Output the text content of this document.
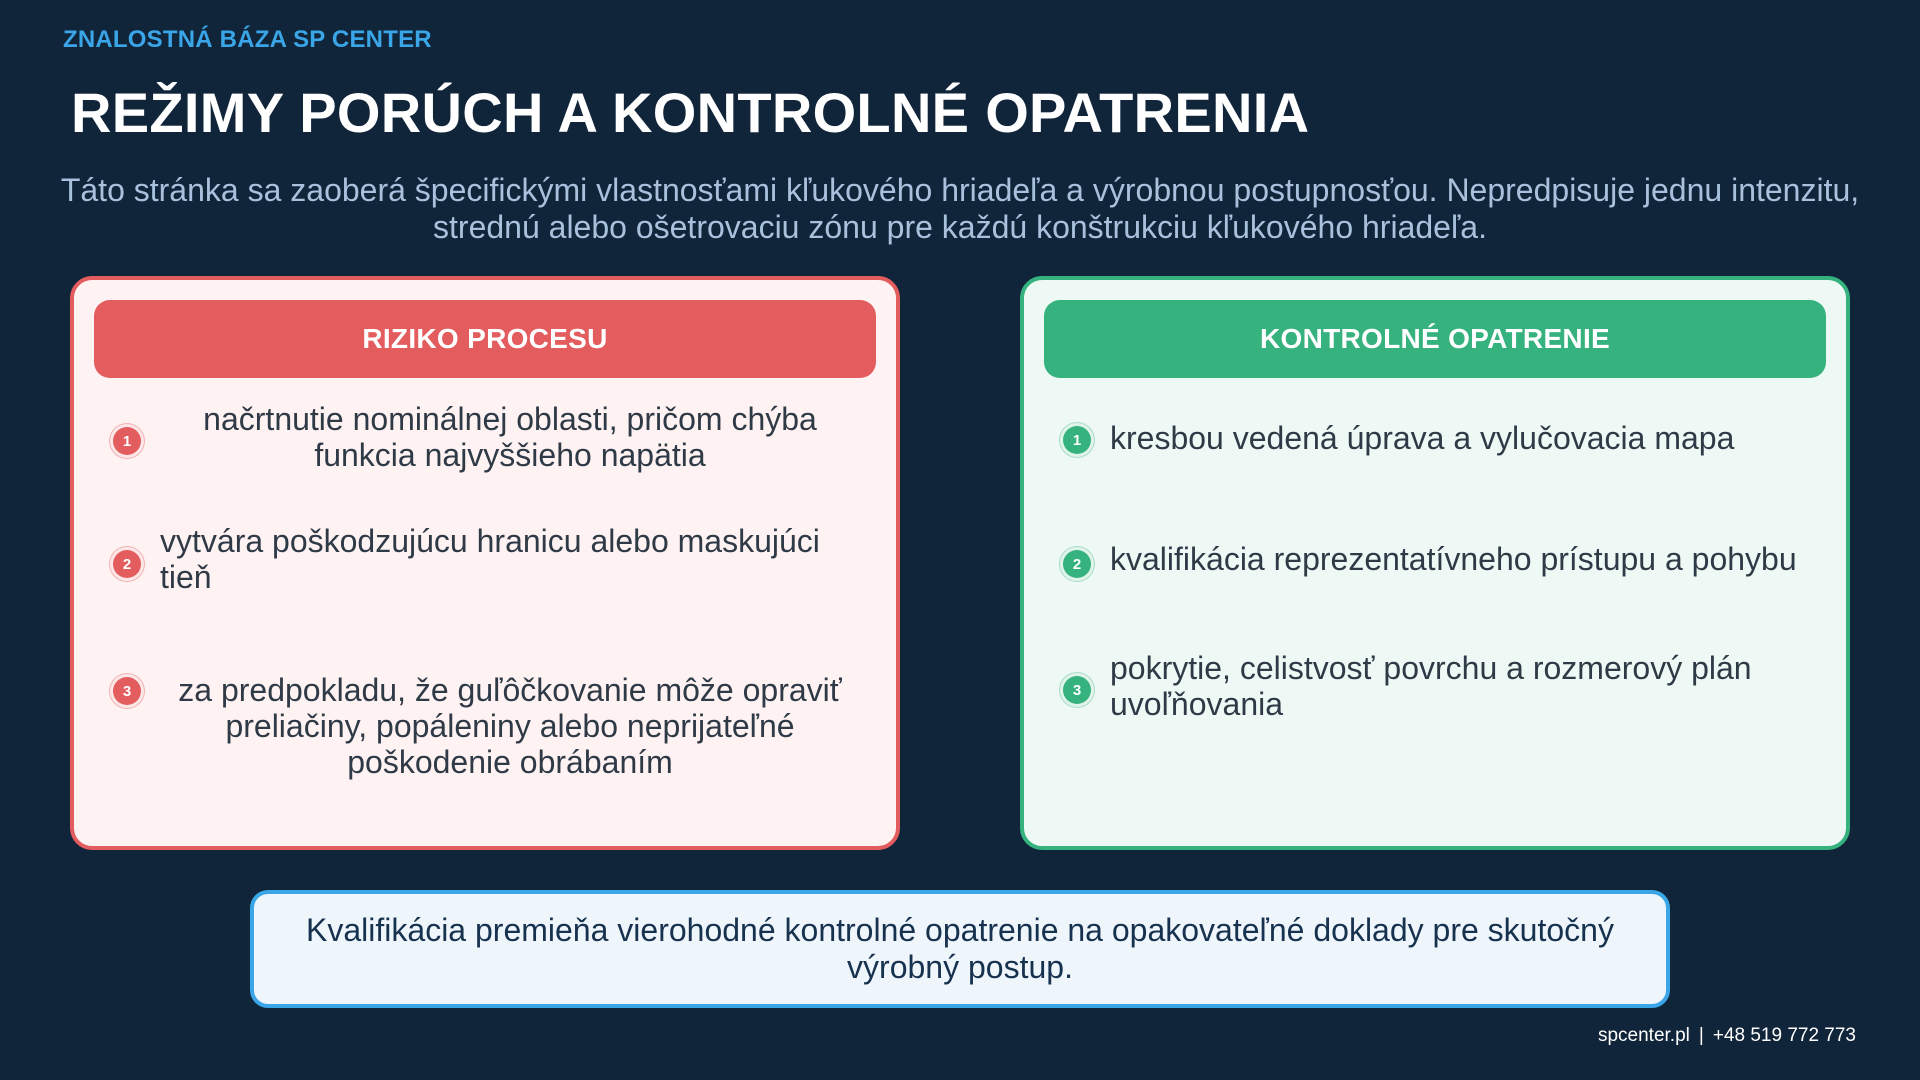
ZNALOSTNÁ BÁZA SP CENTER
REŽIMY PORÚCH A KONTROLNÉ OPATRENIA
Táto stránka sa zaoberá špecifickými vlastnosťami kľukového hriadeľa a výrobnou postupnosťou. Nepredpisuje jednu intenzitu, strednú alebo ošetrovaciu zónu pre každú konštrukciu kľukového hriadeľa.
RIZIKO PROCESU
1
načrtnutie nominálnej oblasti, pričom chýba funkcia najvyššieho napätia
2
vytvára poškodzujúcu hranicu alebo maskujúci tieň
3	za predpokladu, že guľôčkovanie môže opraviť preliačiny, popáleniny alebo neprijateľné poškodenie obrábaním
KONTROLNÉ OPATRENIE
1 kresbou vedená úprava a vylučovacia mapa
2 kvalifikácia reprezentatívneho prístupu a pohybu
3
pokrytie, celistvosť povrchu a rozmerový plán uvoľňovania
Kvalifikácia premieňa vierohodné kontrolné opatrenie na opakovateľné doklady pre skutočný výrobný postup.
spcenter.pl | +48 519 772 773
